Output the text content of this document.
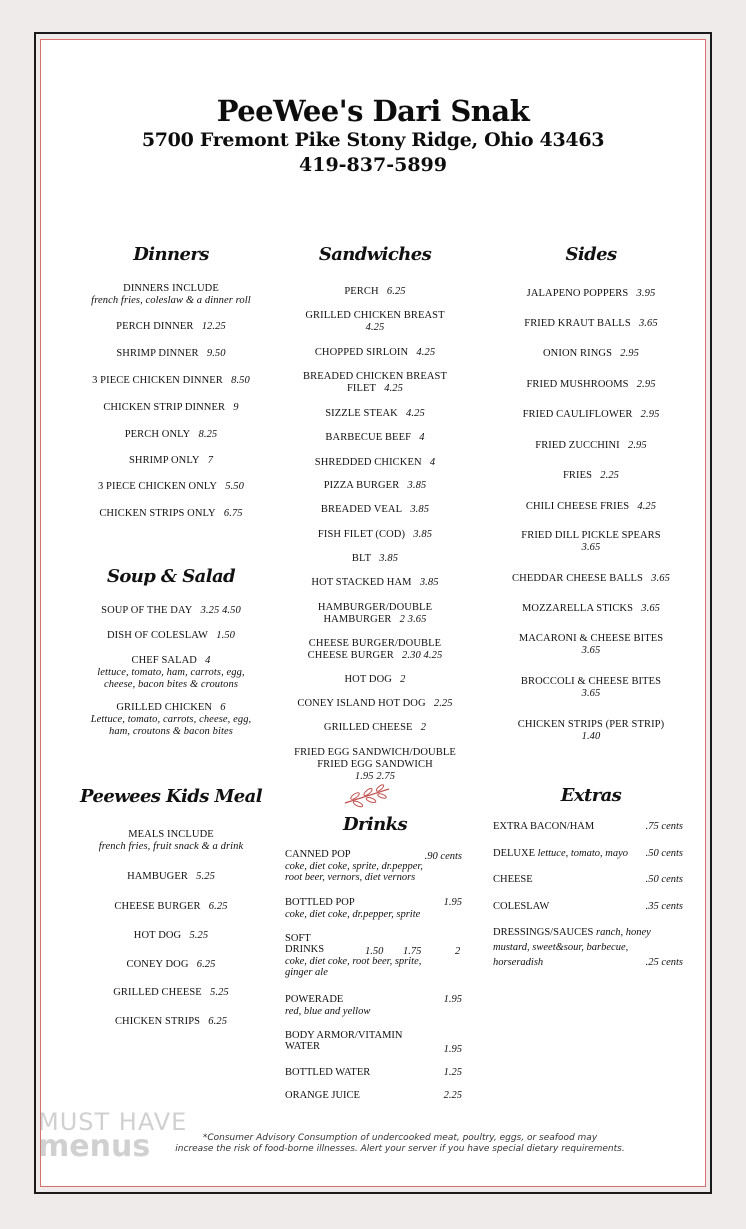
PeeWee's Dari Snak
5700 Fremont Pike Stony Ridge, Ohio 43463
419-837-5899
Dinners
DINNERS INCLUDE
french fries, coleslaw & a dinner roll
PERCH DINNER 12.25
SHRIMP DINNER 9.50
3 PIECE CHICKEN DINNER 8.50
CHICKEN STRIP DINNER 9
PERCH ONLY 8.25
SHRIMP ONLY 7
3 PIECE CHICKEN ONLY 5.50
CHICKEN STRIPS ONLY 6.75
Soup & Salad
SOUP OF THE DAY 3.25 4.50
DISH OF COLESLAW 1.50
CHEF SALAD 4
lettuce, tomato, ham, carrots, egg,
cheese, bacon bites & croutons
GRILLED CHICKEN 6
Lettuce, tomato, carrots, cheese, egg,
ham, croutons & bacon bites
Peewees Kids Meal
MEALS INCLUDE
french fries, fruit snack & a drink
HAMBUGER 5.25
CHEESE BURGER 6.25
HOT DOG 5.25
CONEY DOG 6.25
GRILLED CHEESE 5.25
CHICKEN STRIPS 6.25
Sandwiches
PERCH 6.25
GRILLED CHICKEN BREAST
4.25
CHOPPED SIRLOIN 4.25
BREADED CHICKEN BREAST
FILET 4.25
SIZZLE STEAK 4.25
BARBECUE BEEF 4
SHREDDED CHICKEN 4
PIZZA BURGER 3.85
BREADED VEAL 3.85
FISH FILET (COD) 3.85
BLT 3.85
HOT STACKED HAM 3.85
HAMBURGER/DOUBLE
HAMBURGER 2 3.65
CHEESE BURGER/DOUBLE
CHEESE BURGER 2.30 4.25
HOT DOG 2
CONEY ISLAND HOT DOG 2.25
GRILLED CHEESE 2
FRIED EGG SANDWICH/DOUBLE
FRIED EGG SANDWICH
1.95 2.75
Drinks
CANNED POP	.90 cents
coke, diet coke, sprite, dr.pepper,
root beer, vernors, diet vernors
BOTTLED POP	1.95
coke, diet coke, dr.pepper, sprite
SOFT
DRINKS	1.50 1.75	2
coke, diet coke, root beer, sprite,
ginger ale
POWERADE	1.95
red, blue and yellow
BODY ARMOR/VITAMIN
WATER	1.95
BOTTLED WATER	1.25
ORANGE JUICE	2.25
Sides
JALAPENO POPPERS 3.95
FRIED KRAUT BALLS 3.65
ONION RINGS 2.95
FRIED MUSHROOMS 2.95
FRIED CAULIFLOWER 2.95
FRIED ZUCCHINI 2.95
FRIES 2.25
CHILI CHEESE FRIES 4.25
FRIED DILL PICKLE SPEARS
3.65
CHEDDAR CHEESE BALLS 3.65
MOZZARELLA STICKS 3.65
MACARONI & CHEESE BITES
3.65
BROCCOLI & CHEESE BITES
3.65
CHICKEN STRIPS (PER STRIP)
1.40
Extras
EXTRA BACON/HAM	.75 cents
DELUXE lettuce, tomato, mayo	.50 cents
CHEESE	.50 cents
COLESLAW	.35 cents
DRESSINGS/SAUCES ranch, honey
mustard, sweet&sour, barbecue,
horseradish	.25 cents
*Consumer Advisory Consumption of undercooked meat, poultry, eggs, or seafood may
increase the risk of food-borne illnesses. Alert your server if you have special dietary requirements.
MUST HAVE
menus
